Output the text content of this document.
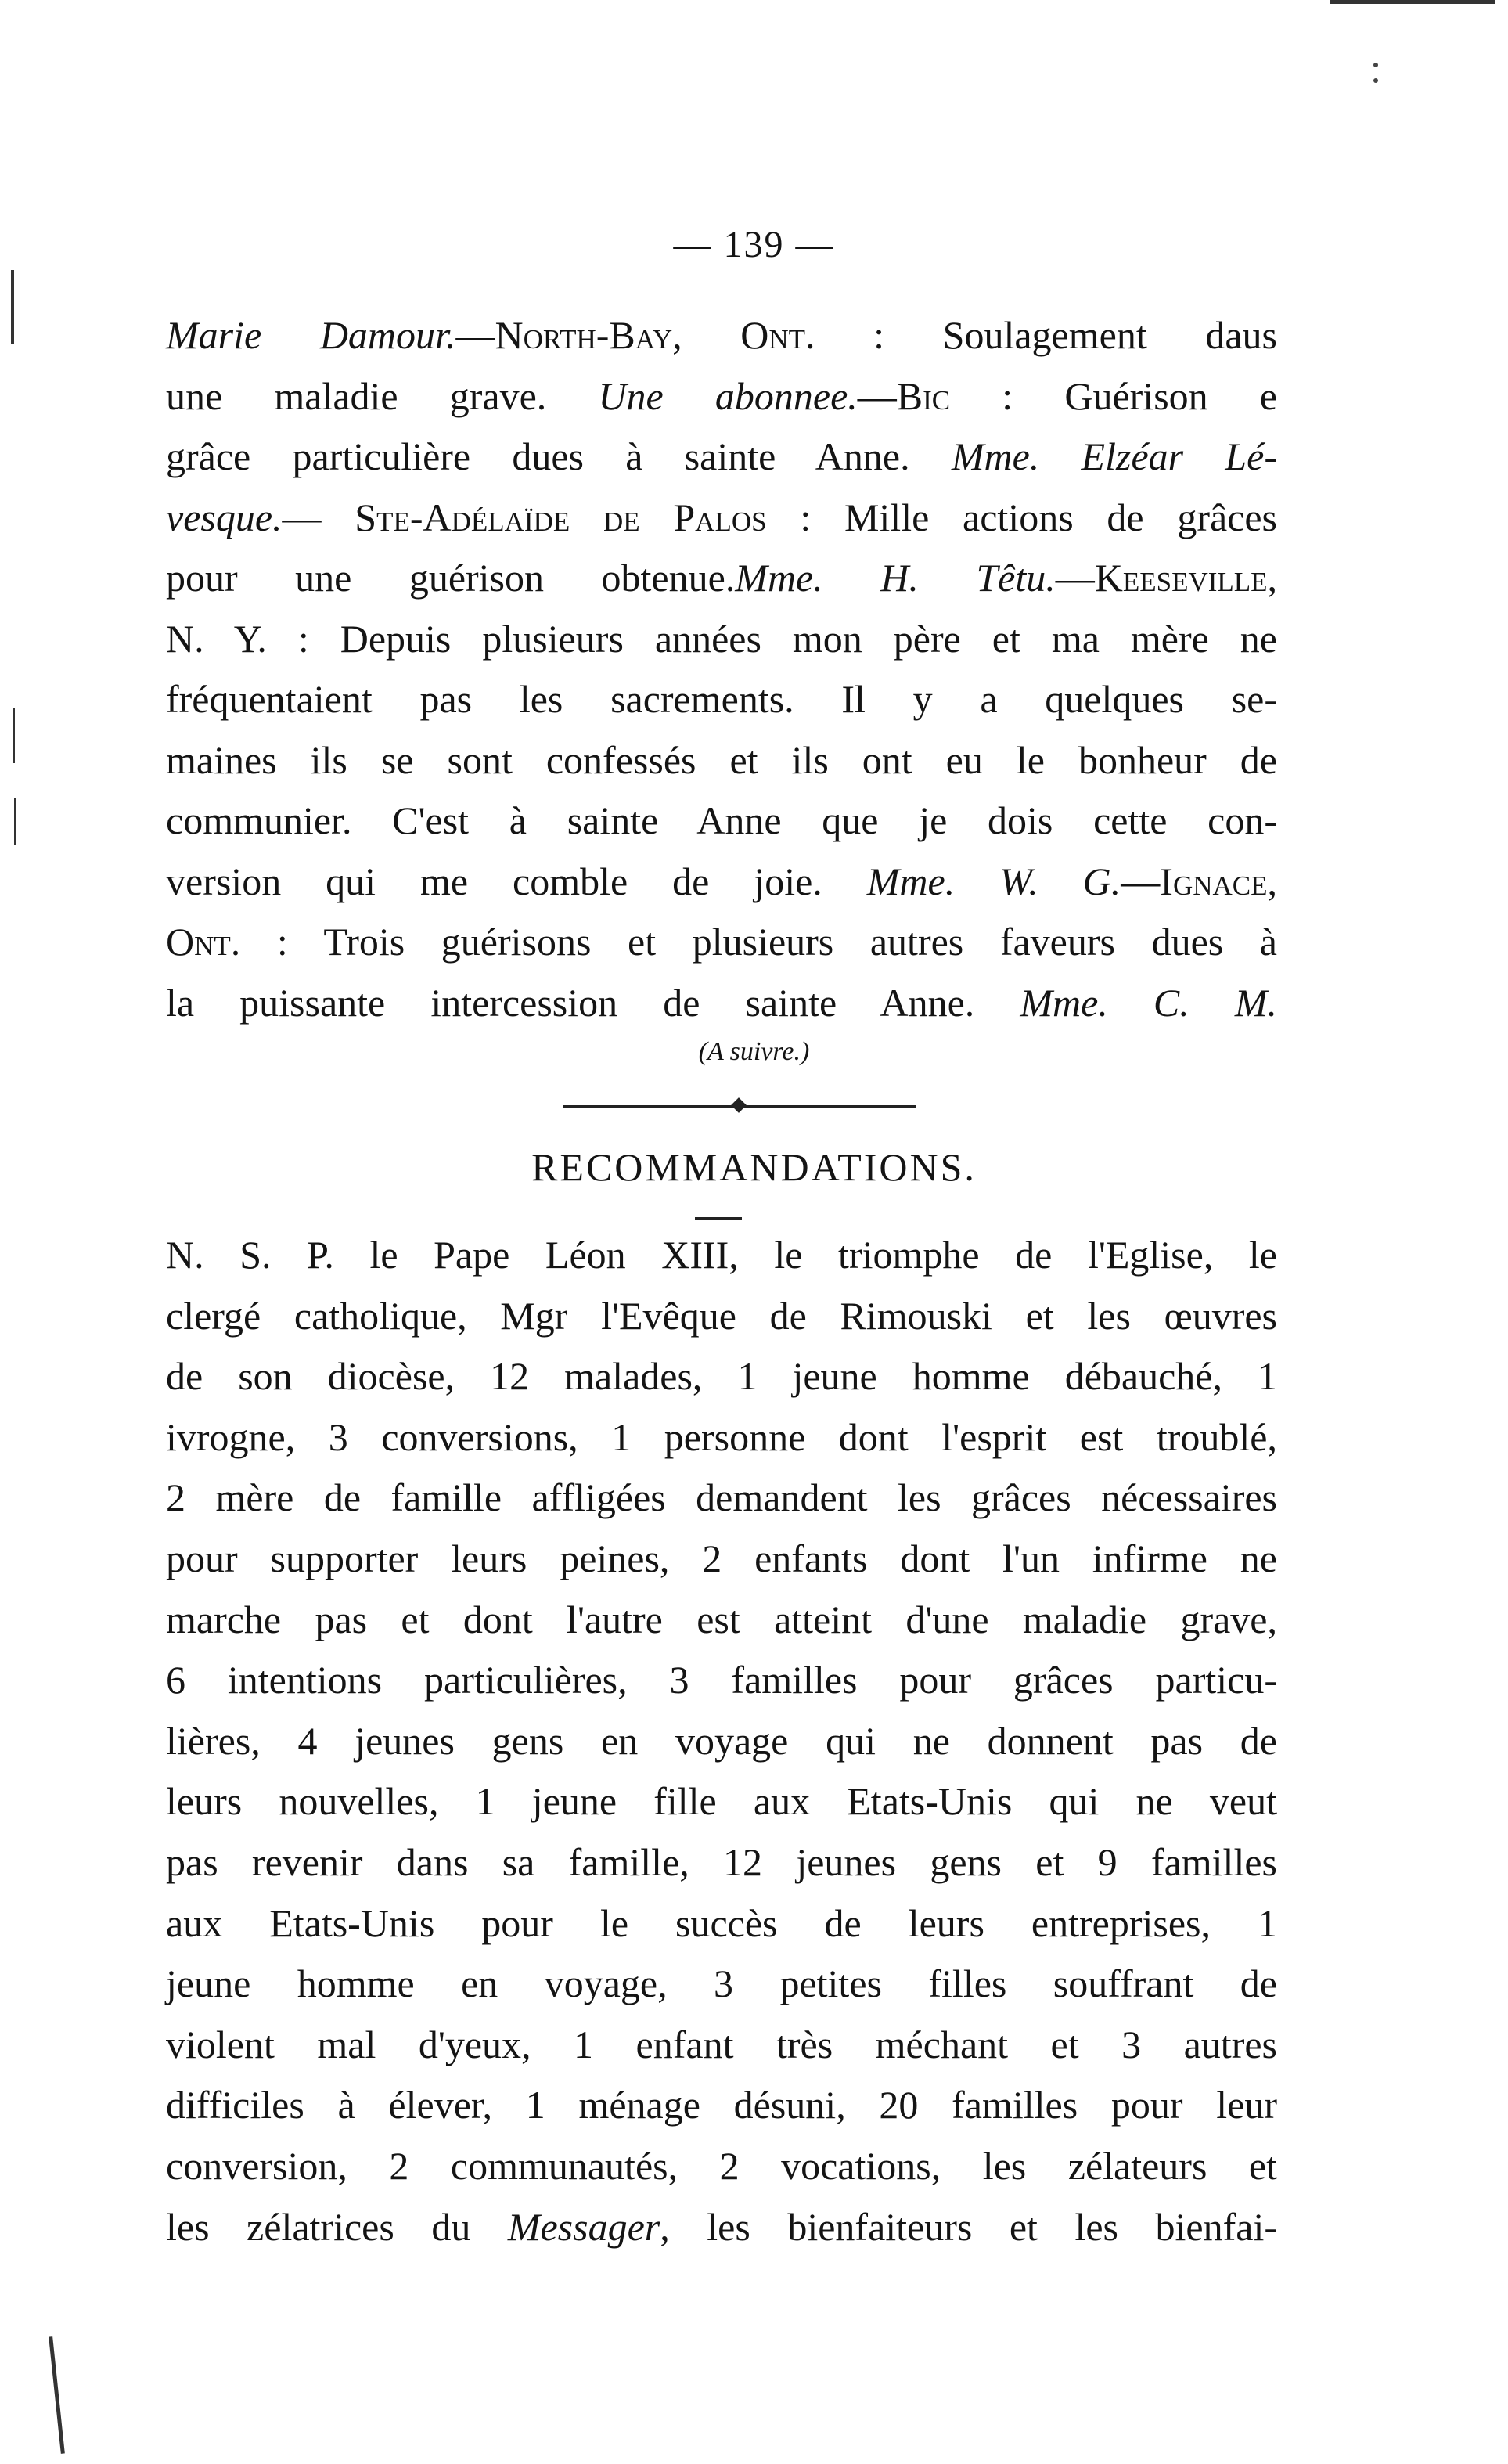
— 139 —
Marie Damour.—North-Bay, Ont. : Soulagement daus
une maladie grave. Une abonnee.—Bic : Guérison e
grâce particulière dues à sainte Anne. Mme. Elzéar Lé-
vesque.— Ste-Adélaïde de Palos : Mille actions de grâces
pour une guérison obtenue.Mme. H. Têtu.—Keeseville,
N. Y. : Depuis plusieurs années mon père et ma mère ne
fréquentaient pas les sacrements. Il y a quelques se-
maines ils se sont confessés et ils ont eu le bonheur de
communier. C'est à sainte Anne que je dois cette con-
version qui me comble de joie. Mme. W. G.—Ignace,
Ont. : Trois guérisons et plusieurs autres faveurs dues à
la puissante intercession de sainte Anne. Mme. C. M.
(A suivre.)
RECOMMANDATIONS.
N. S. P. le Pape Léon XIII, le triomphe de l'Eglise, le
clergé catholique, Mgr l'Evêque de Rimouski et les œuvres
de son diocèse, 12 malades, 1 jeune homme débauché, 1
ivrogne, 3 conversions, 1 personne dont l'esprit est troublé,
2 mère de famille affligées demandent les grâces nécessaires
pour supporter leurs peines, 2 enfants dont l'un infirme ne
marche pas et dont l'autre est atteint d'une maladie grave,
6 intentions particulières, 3 familles pour grâces particu-
lières, 4 jeunes gens en voyage qui ne donnent pas de
leurs nouvelles, 1 jeune fille aux Etats-Unis qui ne veut
pas revenir dans sa famille, 12 jeunes gens et 9 familles
aux Etats-Unis pour le succès de leurs entreprises, 1
jeune homme en voyage, 3 petites filles souffrant de
violent mal d'yeux, 1 enfant très méchant et 3 autres
difficiles à élever, 1 ménage désuni, 20 familles pour leur
conversion, 2 communautés, 2 vocations, les zélateurs et
les zélatrices du Messager, les bienfaiteurs et les bienfai-
